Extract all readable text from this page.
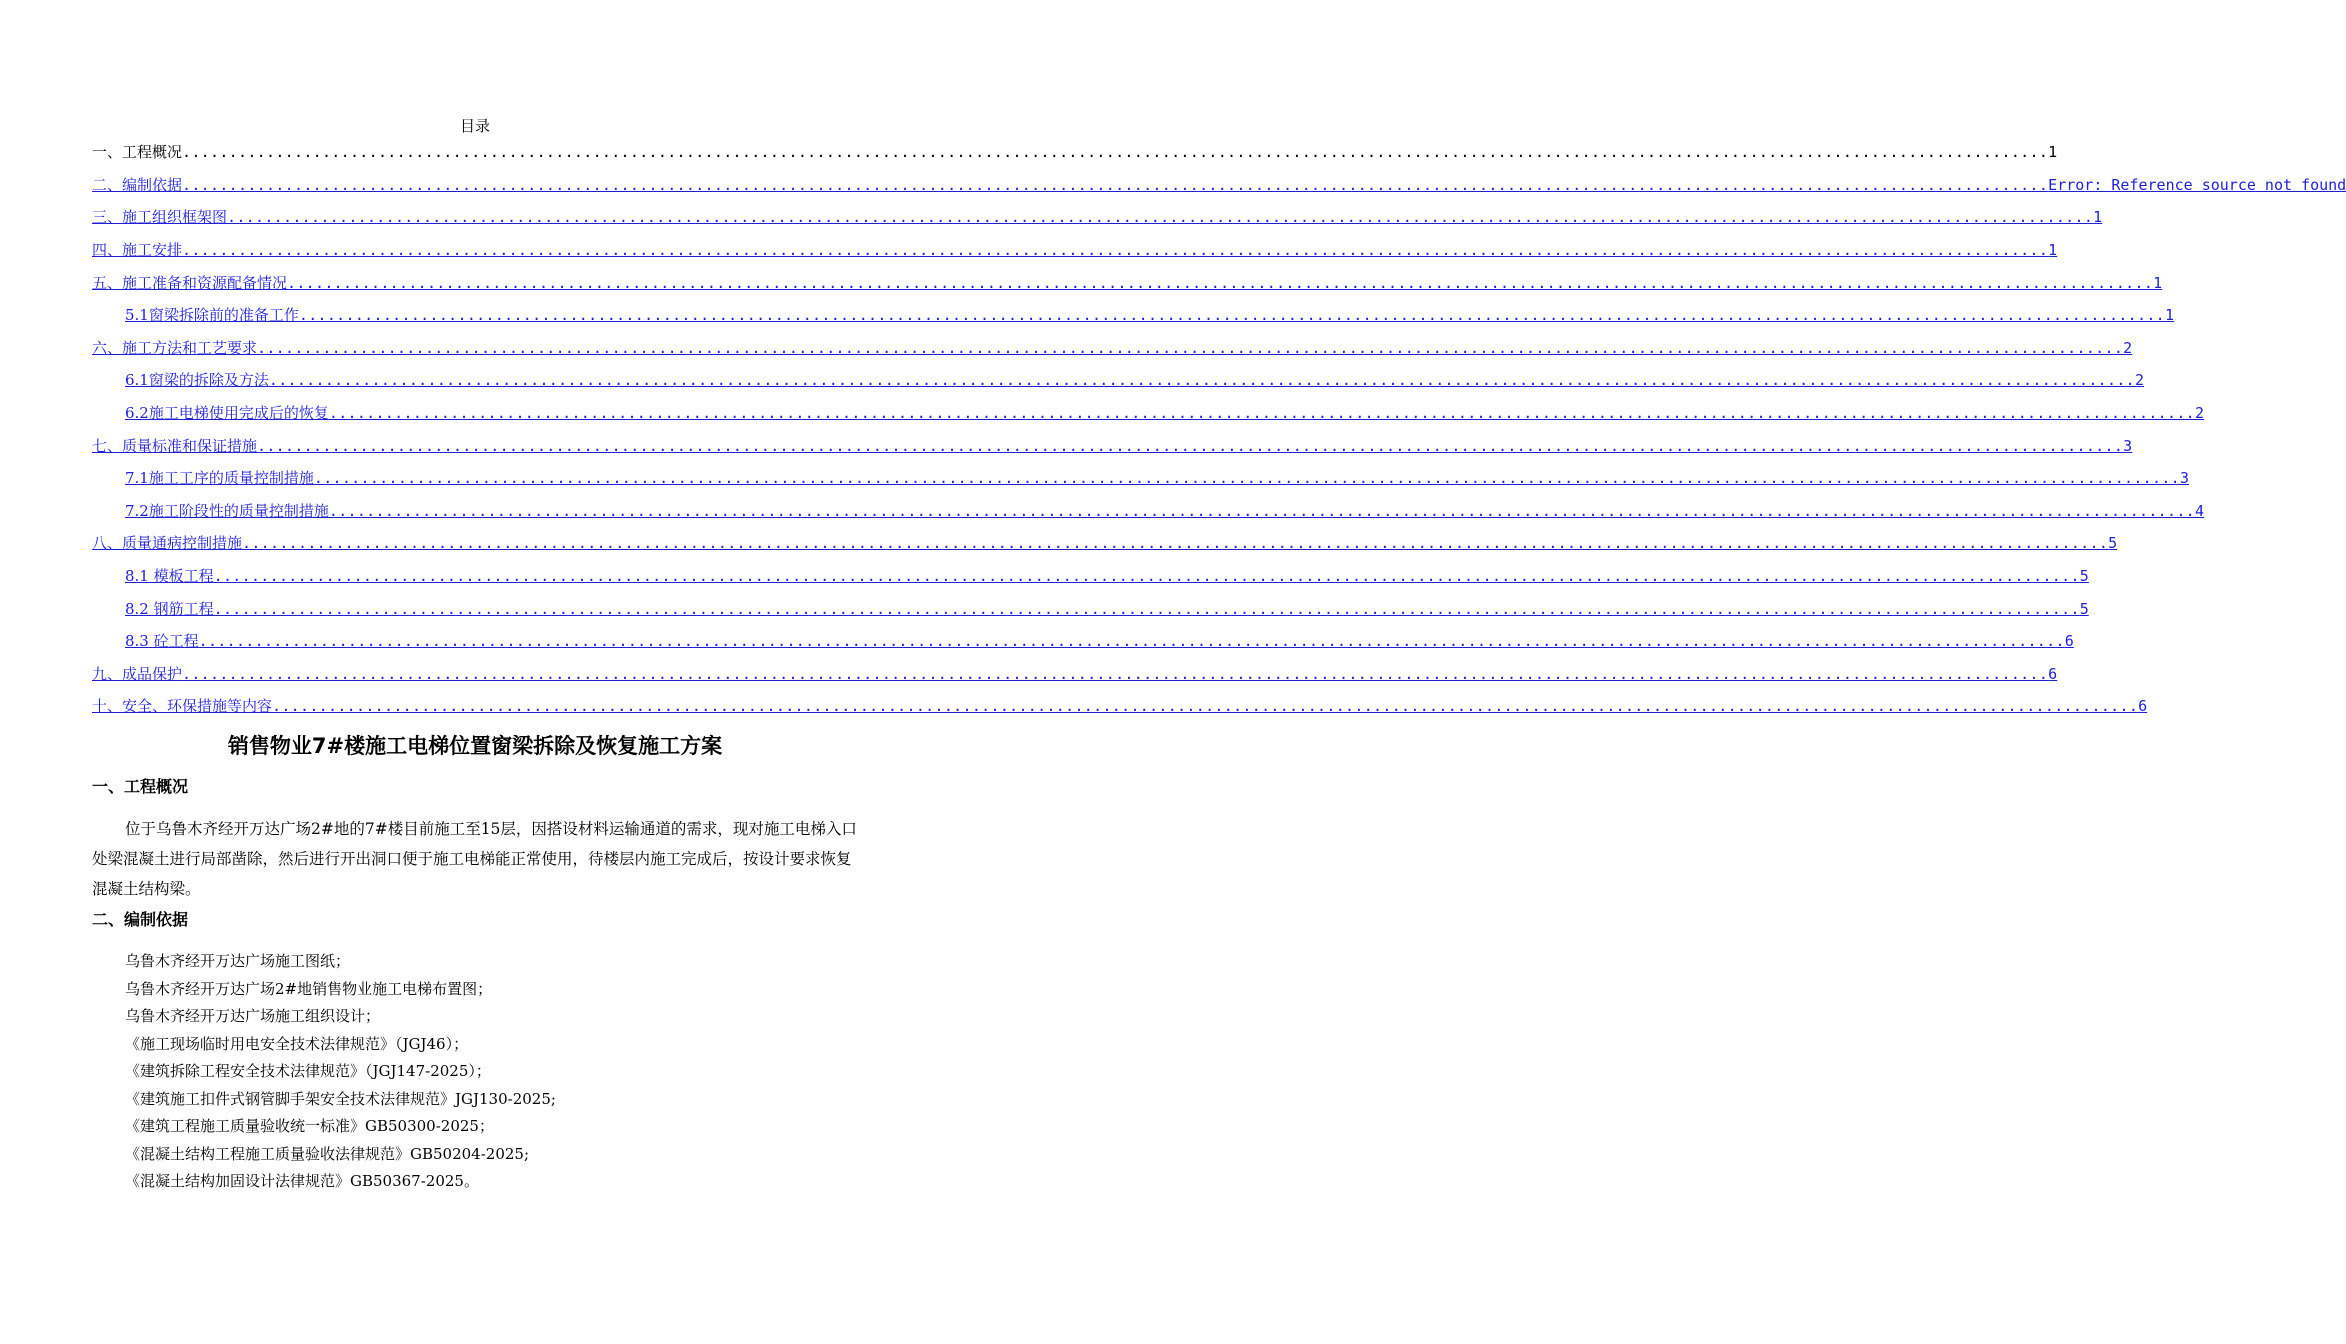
目录
一、工程概况 ........................................................................................................................................................................................................ 1
二、编制依据 ........................................................................................................................................................................................................ Error: Reference source not found
三、施工组织框架图 ........................................................................................................................................................................................................ 1
四、施工安排 ........................................................................................................................................................................................................ 1
五、施工准备和资源配备情况 ........................................................................................................................................................................................................ 1
5.1窗梁拆除前的准备工作 ........................................................................................................................................................................................................ 1
六、施工方法和工艺要求 ........................................................................................................................................................................................................ 2
6.1窗梁的拆除及方法 ........................................................................................................................................................................................................ 2
6.2施工电梯使用完成后的恢复 ........................................................................................................................................................................................................ 2
七、质量标准和保证措施 ........................................................................................................................................................................................................ 3
7.1施工工序的质量控制措施 ........................................................................................................................................................................................................ 3
7.2施工阶段性的质量控制措施 ........................................................................................................................................................................................................ 4
八、质量通病控制措施 ........................................................................................................................................................................................................ 5
8.1 模板工程 ........................................................................................................................................................................................................ 5
8.2 钢筋工程 ........................................................................................................................................................................................................ 5
8.3 砼工程 ........................................................................................................................................................................................................ 6
九、成品保护 ........................................................................................................................................................................................................ 6
十、安全、环保措施等内容 ........................................................................................................................................................................................................ 6
销售物业7#楼施工电梯位置窗梁拆除及恢复施工方案
一、工程概况
位于乌鲁木齐经开万达广场2#地的7#楼目前施工至15层，因搭设材料运输通道的需求，现对施工电梯入口处梁混凝土进行局部凿除，然后进行开出洞口便于施工电梯能正常使用，待楼层内施工完成后，按设计要求恢复混凝土结构梁。
二、编制依据
乌鲁木齐经开万达广场施工图纸；
乌鲁木齐经开万达广场2#地销售物业施工电梯布置图；
乌鲁木齐经开万达广场施工组织设计；
《施工现场临时用电安全技术法律规范》（JGJ46）；
《建筑拆除工程安全技术法律规范》（JGJ147-2025）；
《建筑施工扣件式钢管脚手架安全技术法律规范》JGJ130-2025;
《建筑工程施工质量验收统一标准》GB50300-2025；
《混凝土结构工程施工质量验收法律规范》GB50204-2025;
《混凝土结构加固设计法律规范》GB50367-2025。
